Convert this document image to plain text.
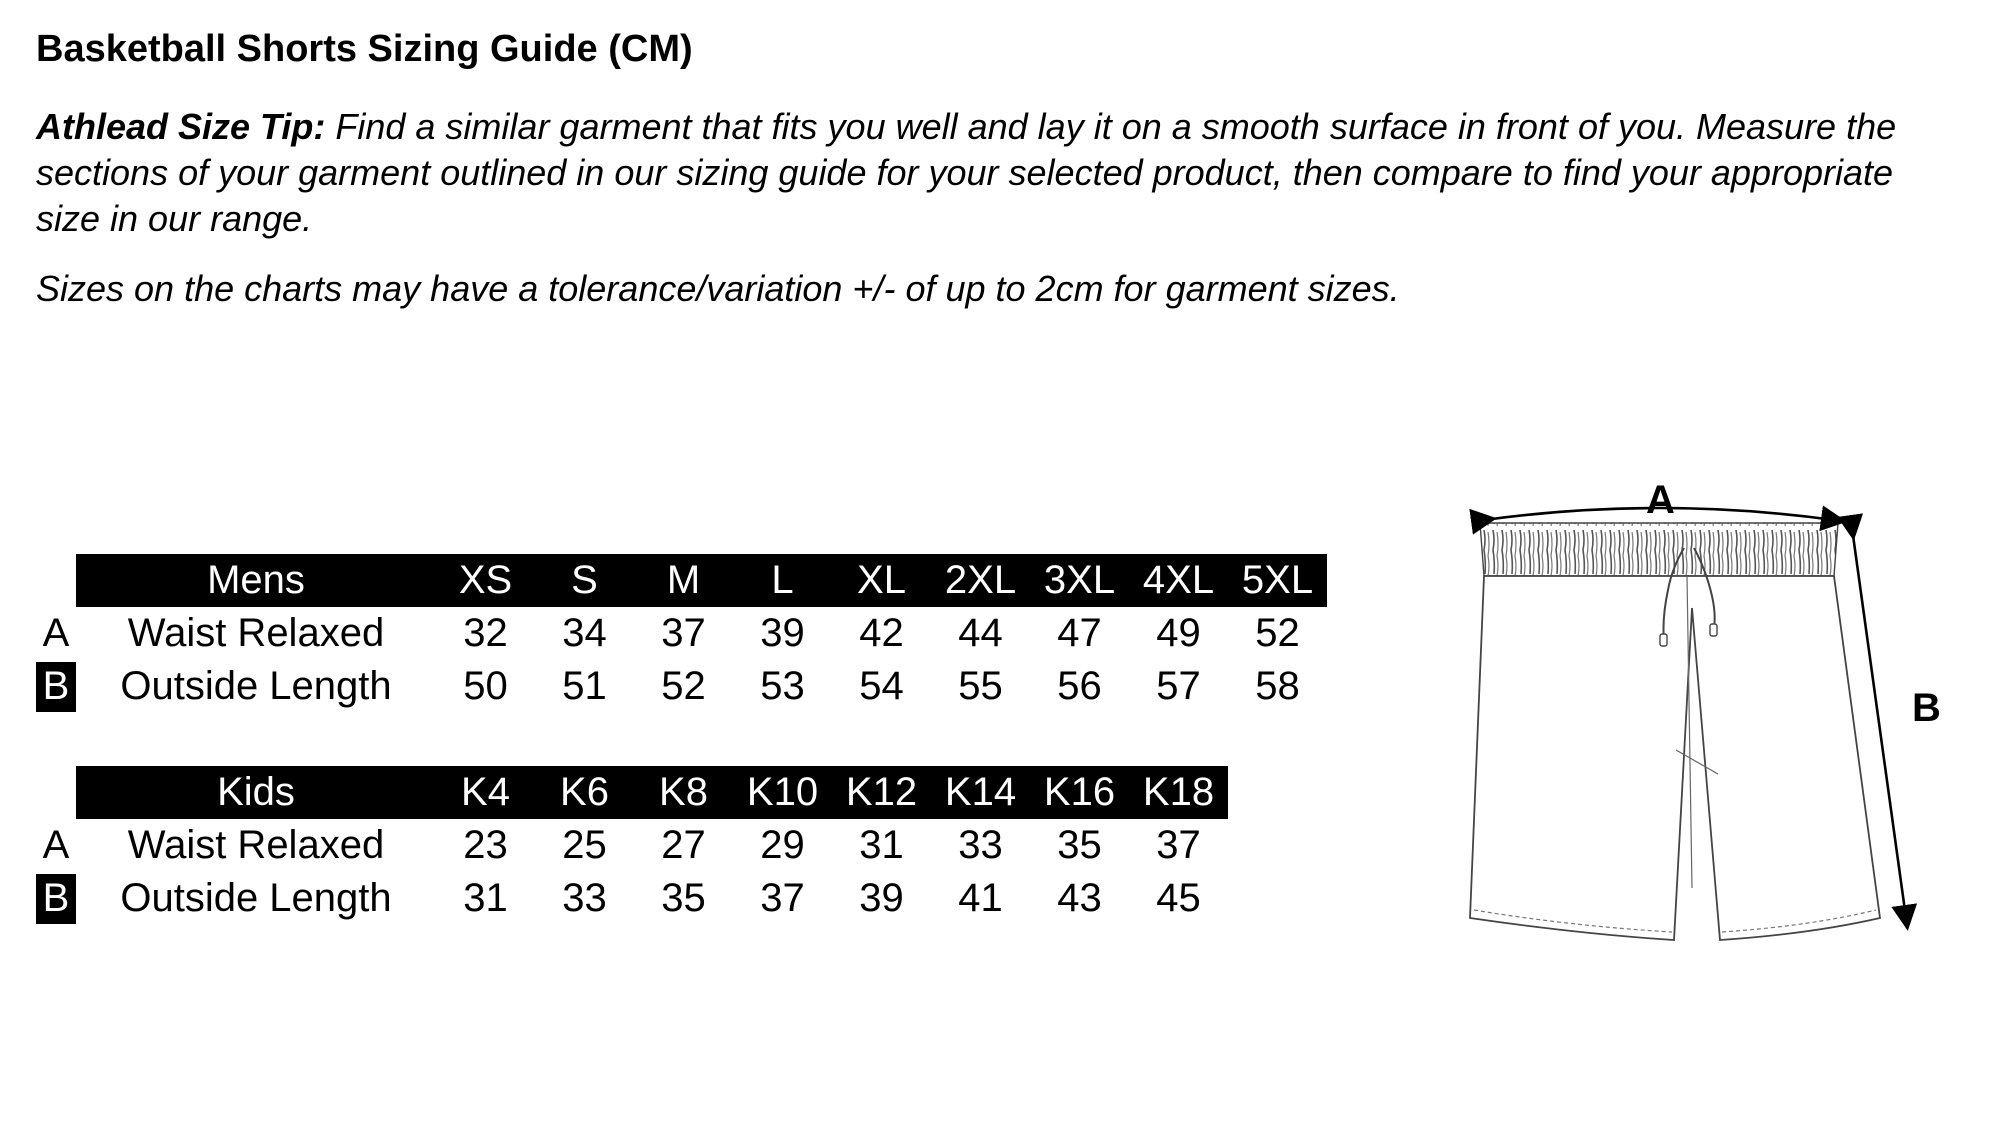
Basketball Shorts Sizing Guide (CM)
Athlead Size Tip: Find a similar garment that fits you well and lay it on a smooth surface in front of you. Measure the sections of your garment outlined in our sizing guide for your selected product, then compare to find your appropriate size in our range.
Sizes on the charts may have a tolerance/variation +/- of up to 2cm for garment sizes.
Mens	XS	S	M	L	XL 2XL 3XL 4XL 5XL
A	Waist Relaxed	32	34	37	39	42	44	47	49	52
B	Outside Length	50	51	52	53	54	55	56	57	58
Kids	K4	K6	K8 K10 K12 K14 K16 K18
A	Waist Relaxed	23	25	27	29	31	33	35	37
B	Outside Length	31	33	35	37	39	41	43	45
A
B
